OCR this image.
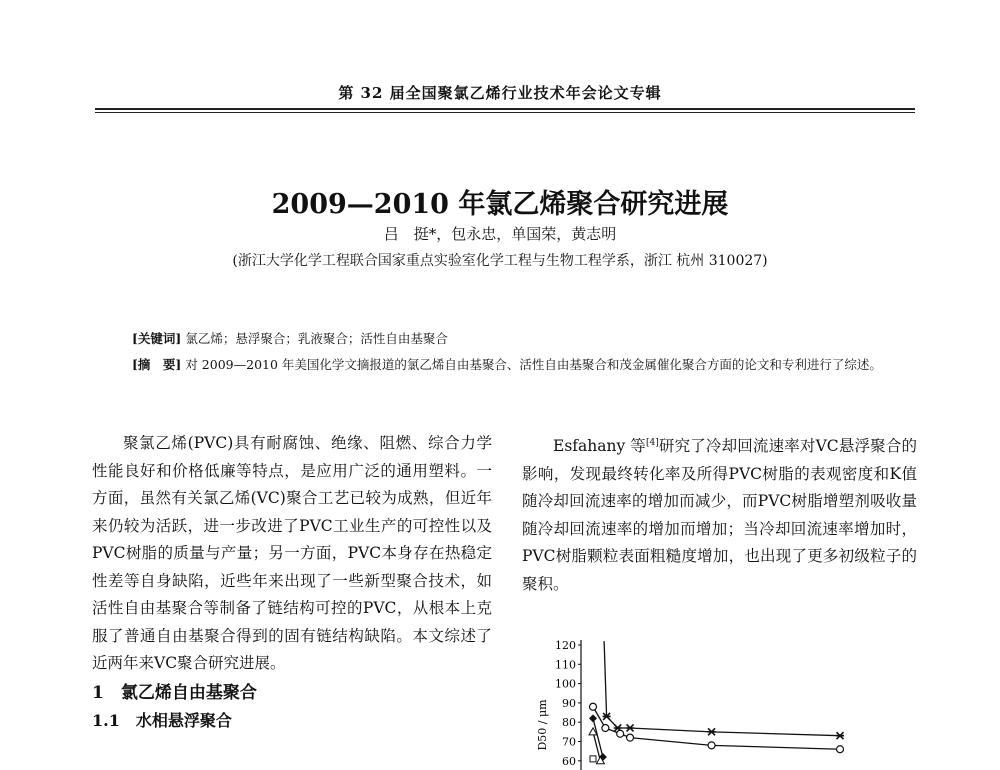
第 32 届全国聚氯乙烯行业技术年会论文专辑
2009—2010 年氯乙烯聚合研究进展
吕　挺*，包永忠，单国荣，黄志明
(浙江大学化学工程联合国家重点实验室化学工程与生物工程学系，浙江 杭州 310027)
[关键词] 氯乙烯；悬浮聚合；乳液聚合；活性自由基聚合
[摘　要] 对 2009—2010 年美国化学文摘报道的氯乙烯自由基聚合、活性自由基聚合和茂金属催化聚合方面的论文和专利进行了综述。

聚氯乙烯(PVC)具有耐腐蚀、绝缘、阻燃、综合力学性能良好和价格低廉等特点，是应用广泛的通用塑料。一方面，虽然有关氯乙烯(VC)聚合工艺已较为成熟，但近年来仍较为活跃，进一步改进了PVC工业生产的可控性以及PVC树脂的质量与产量；另一方面，PVC本身存在热稳定性差等自身缺陷，近些年来出现了一些新型聚合技术，如活性自由基聚合等制备了链结构可控的PVC，从根本上克服了普通自由基聚合得到的固有链结构缺陷。本文综述了近两年来VC聚合研究进展。

1　氯乙烯自由基聚合
1.1　水相悬浮聚合

Esfahany 等[4]研究了冷却回流速率对VC悬浮聚合的影响，发现最终转化率及所得PVC树脂的表观密度和K值随冷却回流速率的增加而减少，而PVC树脂增塑剂吸收量随冷却回流速率的增加而增加；当冷却回流速率增加时，PVC树脂颗粒表面粗糙度增加，也出现了更多初级粒子的聚积。

60
70
80
90
100
110
120
D50 / μm
